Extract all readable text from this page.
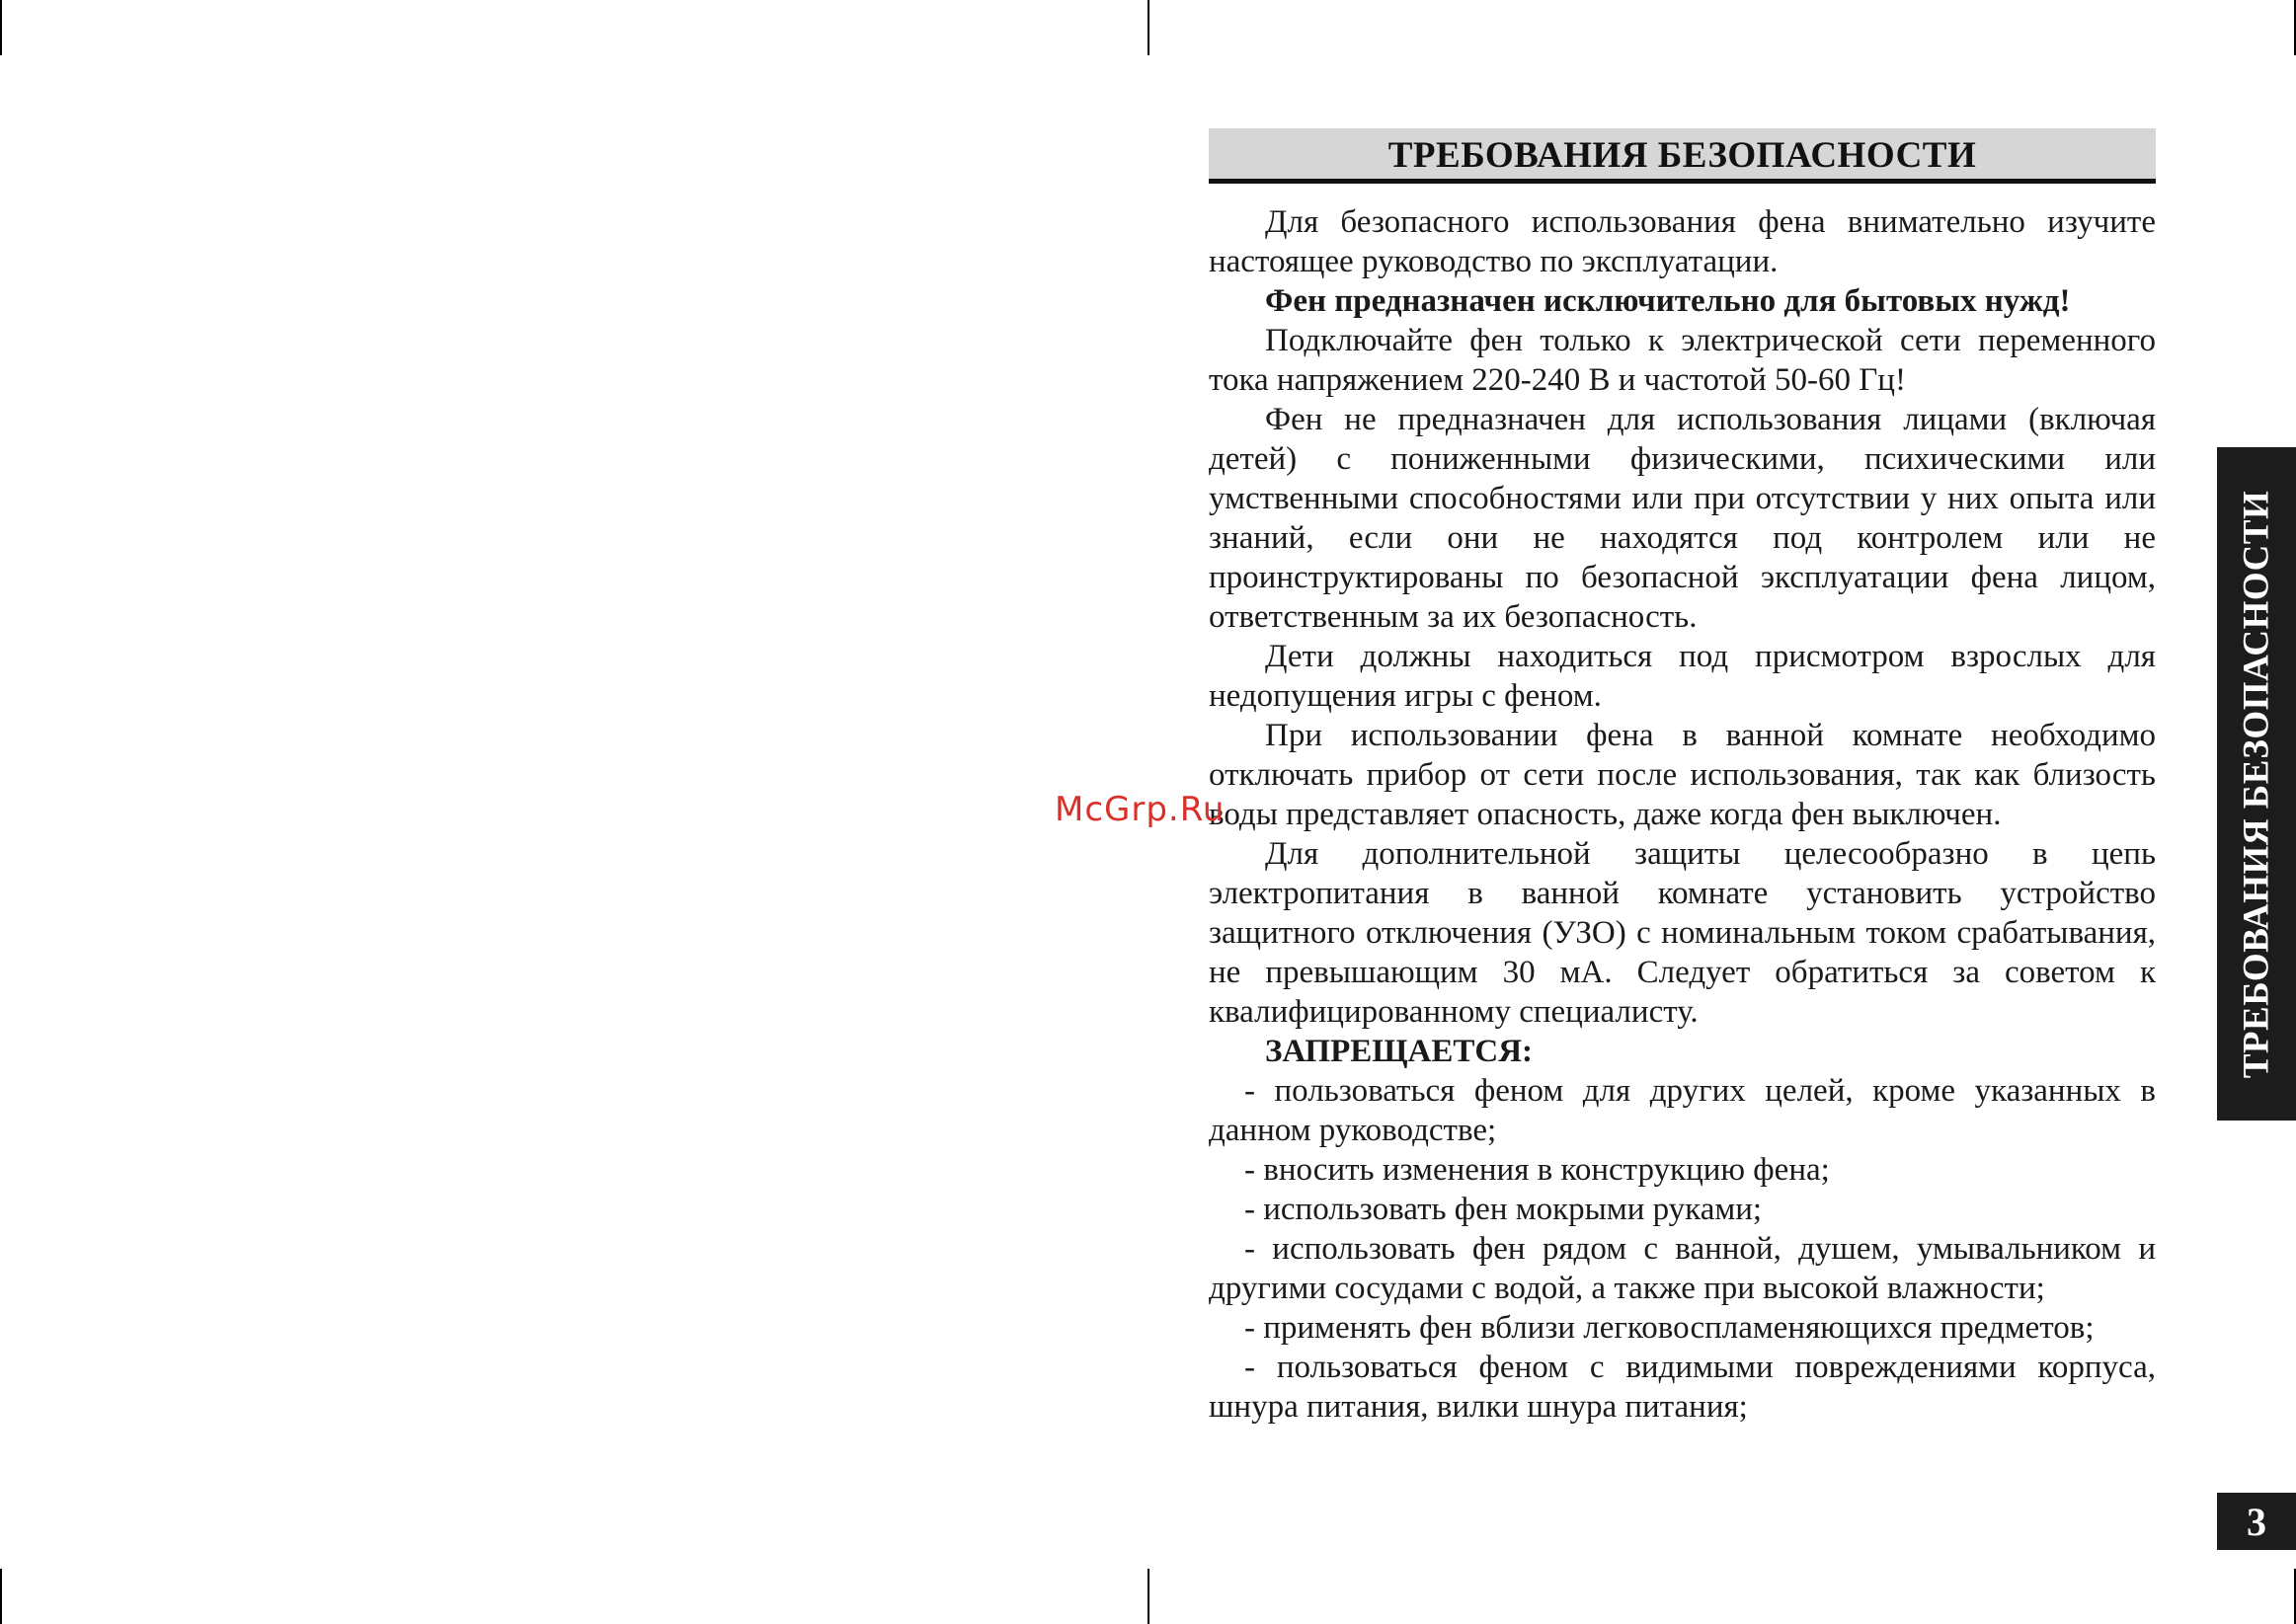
ТРЕБОВАНИЯ БЕЗОПАСНОСТИ

Для безопасного использования фена внимательно изучите настоящее руководство по эксплуатации.

Фен предназначен исключительно для бытовых нужд!

Подключайте фен только к электрической сети переменного тока напряжением 220-240 В и частотой 50-60 Гц!

Фен не предназначен для использования лицами (включая детей) с пониженными физическими, психическими или умственными способностями или при отсутствии у них опыта или знаний, если они не находятся под контролем или не проинструктированы по безопасной эксплуатации фена лицом, ответственным за их безопасность.

Дети должны находиться под присмотром взрослых для недопущения игры с феном.

При использовании фена в ванной комнате необходимо отключать прибор от сети после использования, так как близость воды представляет опасность, даже когда фен выключен.

Для дополнительной защиты целесообразно в цепь электропитания в ванной комнате установить устройство защитного отключения (УЗО) с номинальным током срабатывания, не превышающим 30 мА. Следует обратиться за советом к квалифицированному специалисту.

ЗАПРЕЩАЕТСЯ:

- пользоваться феном для других целей, кроме указанных в данном руководстве;

- вносить изменения в конструкцию фена;

- использовать фен мокрыми руками;

- использовать фен рядом с ванной, душем, умывальником и другими сосудами с водой, а также при высокой влажности;

- применять фен вблизи легковоспламеняющихся предметов;

- пользоваться феном с видимыми повреждениями корпуса, шнура питания, вилки шнура питания;

ТРЕБОВАНИЯ БЕЗОПАСНОСТИ
3
McGrp.Ru
